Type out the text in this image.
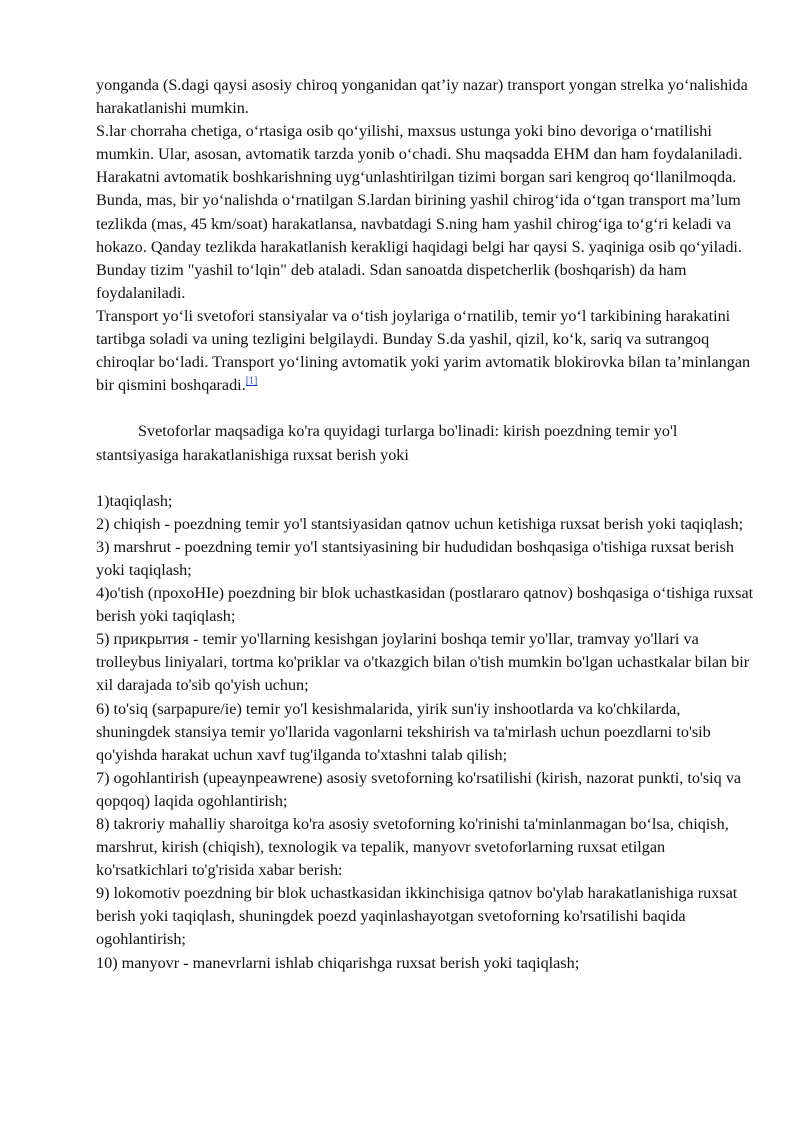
yonganda (S.dagi qaysi asosiy chiroq yonganidan qat’iy nazar) transport yongan strelka yo‘nalishida harakatlanishi mumkin.

S.lar chorraha chetiga, o‘rtasiga osib qo‘yilishi, maxsus ustunga yoki bino devoriga o‘rnatilishi mumkin. Ular, asosan, avtomatik tarzda yonib o‘chadi. Shu maqsadda EHM dan ham foydalaniladi. Harakatni avtomatik boshkarishning uyg‘unlashtirilgan tizimi borgan sari kengroq qo‘llanilmoqda. Bunda, mas, bir yo‘nalishda o‘rnatilgan S.lardan birining yashil chirog‘ida o‘tgan transport ma’lum tezlikda (mas, 45 km/soat) harakatlansa, navbatdagi S.ning ham yashil chirog‘iga to‘g‘ri keladi va hokazo. Qanday tezlikda harakatlanish kerakligi haqidagi belgi har qaysi S. yaqiniga osib qo‘yiladi. Bunday tizim "yashil to‘lqin" deb ataladi. Sdan sanoatda dispetcherlik (boshqarish) da ham foydalaniladi.

Transport yo‘li svetofori stansiyalar va o‘tish joylariga o‘rnatilib, temir yo‘l tarkibining harakatini tartibga soladi va uning tezligini belgilaydi. Bunday S.da yashil, qizil, ko‘k, sariq va sutrangoq chiroqlar bo‘ladi. Transport yo‘lining avtomatik yoki yarim avtomatik blokirovka bilan ta’minlangan bir qismini boshqaradi.[1]

Svetoforlar maqsadiga ko'ra quyidagi turlarga bo'linadi: kirish poezdning temir yo'l stantsiyasiga harakatlanishiga ruxsat berish yoki

1)taqiqlash;

2) chiqish - poezdning temir yo'l stantsiyasidan qatnov uchun ketishiga ruxsat berish yoki taqiqlash;

3) marshrut - poezdning temir yo'l stantsiyasining bir hududidan boshqasiga o'tishiga ruxsat berish yoki taqiqlash;

4)o'tish (проxoHIe) poezdning bir blok uchastkasidan (postlararo qatnov) boshqasiga o‘tishiga ruxsat berish yoki taqiqlash;

5) прикрытия - temir yo'llarning kesishgan joylarini boshqa temir yo'llar, tramvay yo'llari va trolleybus liniyalari, tortma ko'priklar va o'tkazgich bilan o'tish mumkin bo'lgan uchastkalar bilan bir xil darajada to'sib qo'yish uchun;

6) to'siq (sarpapure/ie) temir yo'l kesishmalarida, yirik sun'iy inshootlarda va ko'chkilarda, shuningdek stansiya temir yo'llarida vagonlarni tekshirish va ta'mirlash uchun poezdlarni to'sib qo'yishda harakat uchun xavf tug'ilganda to'xtashni talab qilish;

7) ogohlantirish (upeaynpeawrene) asosiy svetoforning ko'rsatilishi (kirish, nazorat punkti, to'siq va qopqoq) laqida ogohlantirish;

8) takroriy mahalliy sharoitga ko'ra asosiy svetoforning ko'rinishi ta'minlanmagan bo‘lsa, chiqish, marshrut, kirish (chiqish), texnologik va tepalik, manyovr svetoforlarning ruxsat etilgan ko'rsatkichlari to'g'risida xabar berish:

9) lokomotiv poezdning bir blok uchastkasidan ikkinchisiga qatnov bo'ylab harakatlanishiga ruxsat berish yoki taqiqlash, shuningdek poezd yaqinlashayotgan svetoforning ko'rsatilishi baqida ogohlantirish;

10) manyovr - manevrlarni ishlab chiqarishga ruxsat berish yoki taqiqlash;
